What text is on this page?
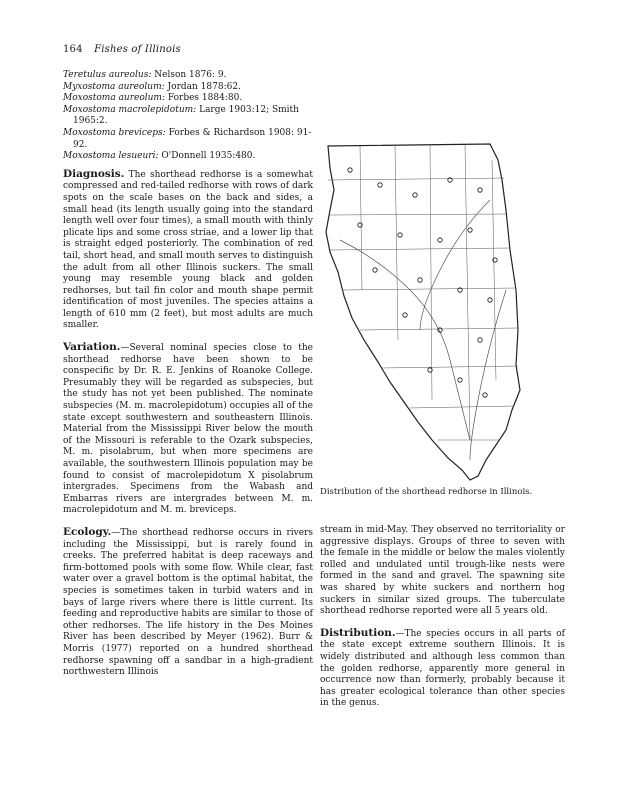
164 Fishes of Illinois

Teretulus aureolus: Nelson 1876: 9.

Myxostoma aureolum: Jordan 1878:62.

Moxostoma aureolum: Forbes 1884:80.

Moxostoma macrolepidotum: Large 1903:12; Smith 1965:2.

Moxostoma breviceps: Forbes & Richardson 1908: 91-92.

Moxostoma lesueuri: O'Donnell 1935:480.

Diagnosis. The shorthead redhorse is a somewhat compressed and red-tailed redhorse with rows of dark spots on the scale bases on the back and sides, a small head (its length usually going into the standard length well over four times), a small mouth with thinly plicate lips and some cross striae, and a lower lip that is straight edged posteriorly. The combination of red tail, short head, and small mouth serves to distinguish the adult from all other Illinois suckers. The small young may resemble young black and golden redhorses, but tail fin color and mouth shape permit identification of most juveniles. The species attains a length of 610 mm (2 feet), but most adults are much smaller.

Variation.—Several nominal species close to the shorthead redhorse have been shown to be conspecific by Dr. R. E. Jenkins of Roanoke College. Presumably they will be regarded as subspecies, but the study has not yet been published. The nominate subspecies (M. m. macrolepidotum) occupies all of the state except southwestern and southeastern Illinois. Material from the Mississippi River below the mouth of the Missouri is referable to the Ozark subspecies, M. m. pisolabrum, but when more specimens are available, the southwestern Illinois population may be found to consist of macrolepidotum X pisolabrum intergrades. Specimens from the Wabash and Embarras rivers are intergrades between M. m. macrolepidotum and M. m. breviceps.

Ecology.—The shorthead redhorse occurs in rivers including the Mississippi, but is rarely found in creeks. The preferred habitat is deep raceways and firm-bottomed pools with some flow. While clear, fast water over a gravel bottom is the optimal habitat, the species is sometimes taken in turbid waters and in bays of large rivers where there is little current. Its feeding and reproductive habits are similar to those of other redhorses. The life history in the Des Moines River has been described by Meyer (1962). Burr & Morris (1977) reported on a hundred shorthead redhorse spawning off a sandbar in a high-gradient northwestern Illinois

Distribution of the shorthead redhorse in Illinois.

stream in mid-May. They observed no territoriality or aggressive displays. Groups of three to seven with the female in the middle or below the males violently rolled and undulated until trough-like nests were formed in the sand and gravel. The spawning site was shared by white suckers and northern hog suckers in similar sized groups. The tuberculate shorthead redhorse reported were all 5 years old.

Distribution.—The species occurs in all parts of the state except extreme southern Illinois. It is widely distributed and although less common than the golden redhorse, apparently more general in occurrence now than formerly, probably because it has greater ecological tolerance than other species in the genus.
